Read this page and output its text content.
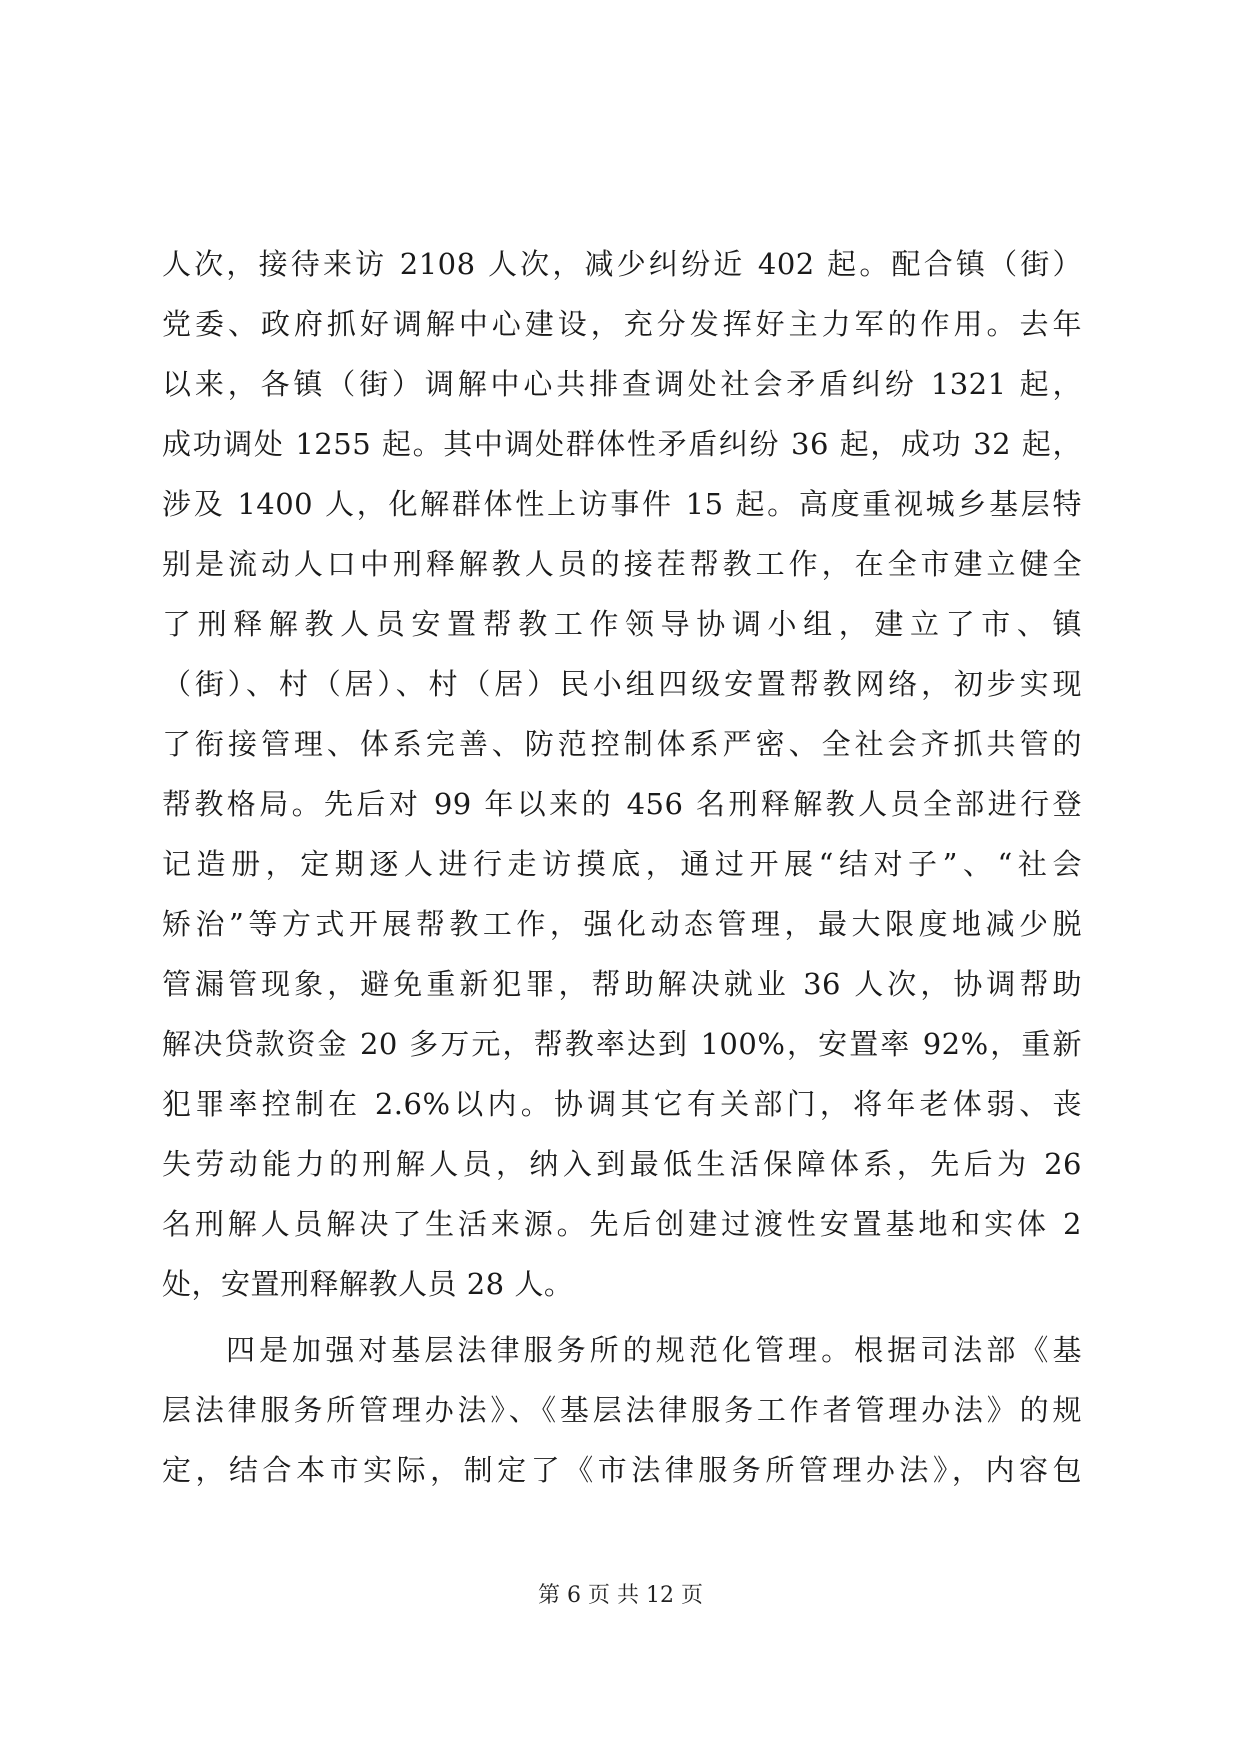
人次，接待来访 2108 人次，减少纠纷近 402 起。配合镇（街）
党委、政府抓好调解中心建设，充分发挥好主力军的作用。去年
以来，各镇（街）调解中心共排查调处社会矛盾纠纷 1321 起，
成功调处 1255 起。其中调处群体性矛盾纠纷 36 起，成功 32 起，
涉及 1400 人，化解群体性上访事件 15 起。高度重视城乡基层特
别是流动人口中刑释解教人员的接茬帮教工作，在全市建立健全
了刑释解教人员安置帮教工作领导协调小组，建立了市、镇
（街）、村（居）、村（居）民小组四级安置帮教网络，初步实现
了衔接管理、体系完善、防范控制体系严密、全社会齐抓共管的
帮教格局。先后对 99 年以来的 456 名刑释解教人员全部进行登
记造册，定期逐人进行走访摸底，通过开展“结对子”、“社会
矫治”等方式开展帮教工作，强化动态管理，最大限度地减少脱
管漏管现象，避免重新犯罪，帮助解决就业 36 人次，协调帮助
解决贷款资金 20 多万元，帮教率达到 100%，安置率 92%，重新
犯罪率控制在 2.6%以内。协调其它有关部门，将年老体弱、丧
失劳动能力的刑解人员，纳入到最低生活保障体系，先后为 26
名刑解人员解决了生活来源。先后创建过渡性安置基地和实体 2
处，安置刑释解教人员 28 人。
四是加强对基层法律服务所的规范化管理。根据司法部《基
层法律服务所管理办法》、《基层法律服务工作者管理办法》的规
定，结合本市实际，制定了《市法律服务所管理办法》，内容包
第 6 页 共 12 页
